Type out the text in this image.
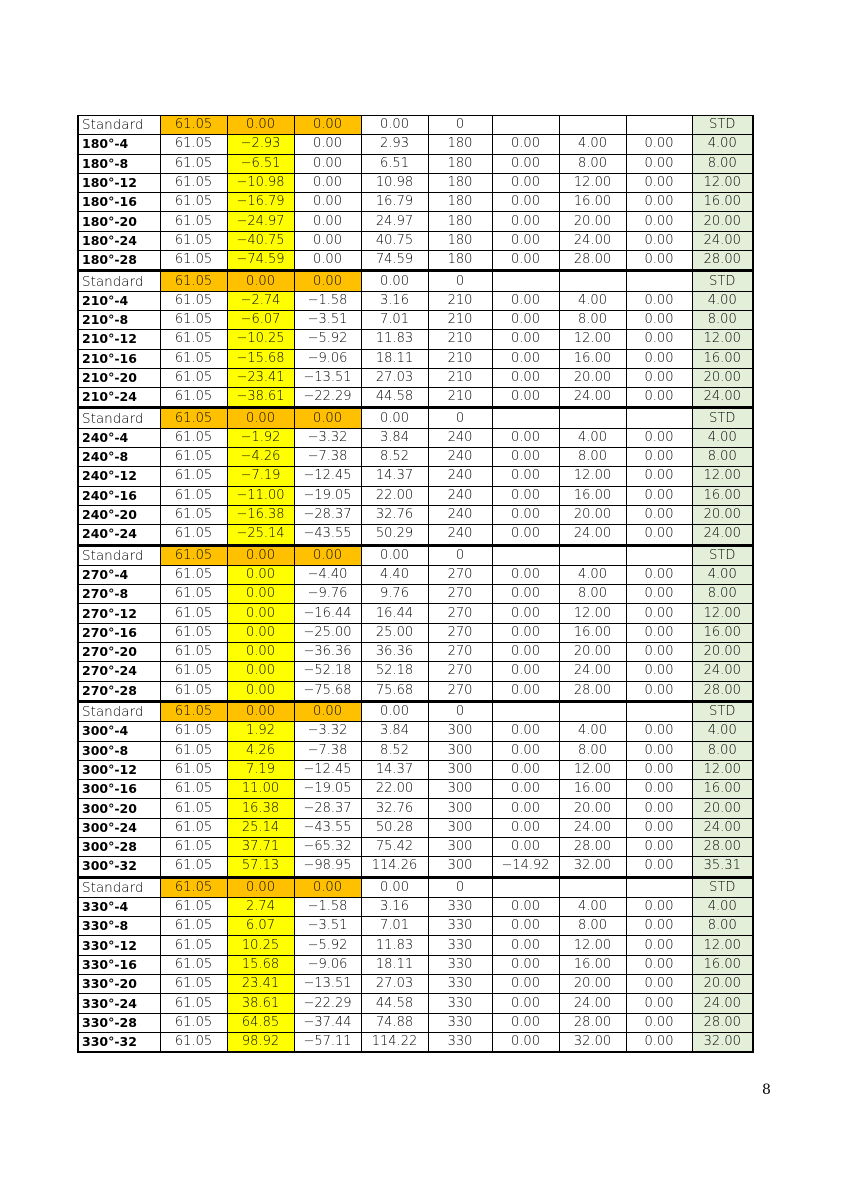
Standard	61.05	0.00	0.00	0.00	0				STD
180°-4	61.05	−2.93	0.00	2.93	180	0.00	4.00	0.00	4.00
180°-8	61.05	−6.51	0.00	6.51	180	0.00	8.00	0.00	8.00
180°-12	61.05	−10.98	0.00	10.98	180	0.00	12.00	0.00	12.00
180°-16	61.05	−16.79	0.00	16.79	180	0.00	16.00	0.00	16.00
180°-20	61.05	−24.97	0.00	24.97	180	0.00	20.00	0.00	20.00
180°-24	61.05	−40.75	0.00	40.75	180	0.00	24.00	0.00	24.00
180°-28	61.05	−74.59	0.00	74.59	180	0.00	28.00	0.00	28.00
Standard	61.05	0.00	0.00	0.00	0				STD
210°-4	61.05	−2.74	−1.58	3.16	210	0.00	4.00	0.00	4.00
210°-8	61.05	−6.07	−3.51	7.01	210	0.00	8.00	0.00	8.00
210°-12	61.05	−10.25	−5.92	11.83	210	0.00	12.00	0.00	12.00
210°-16	61.05	−15.68	−9.06	18.11	210	0.00	16.00	0.00	16.00
210°-20	61.05	−23.41	−13.51	27.03	210	0.00	20.00	0.00	20.00
210°-24	61.05	−38.61	−22.29	44.58	210	0.00	24.00	0.00	24.00
Standard	61.05	0.00	0.00	0.00	0				STD
240°-4	61.05	−1.92	−3.32	3.84	240	0.00	4.00	0.00	4.00
240°-8	61.05	−4.26	−7.38	8.52	240	0.00	8.00	0.00	8.00
240°-12	61.05	−7.19	−12.45	14.37	240	0.00	12.00	0.00	12.00
240°-16	61.05	−11.00	−19.05	22.00	240	0.00	16.00	0.00	16.00
240°-20	61.05	−16.38	−28.37	32.76	240	0.00	20.00	0.00	20.00
240°-24	61.05	−25.14	−43.55	50.29	240	0.00	24.00	0.00	24.00
Standard	61.05	0.00	0.00	0.00	0				STD
270°-4	61.05	0.00	−4.40	4.40	270	0.00	4.00	0.00	4.00
270°-8	61.05	0.00	−9.76	9.76	270	0.00	8.00	0.00	8.00
270°-12	61.05	0.00	−16.44	16.44	270	0.00	12.00	0.00	12.00
270°-16	61.05	0.00	−25.00	25.00	270	0.00	16.00	0.00	16.00
270°-20	61.05	0.00	−36.36	36.36	270	0.00	20.00	0.00	20.00
270°-24	61.05	0.00	−52.18	52.18	270	0.00	24.00	0.00	24.00
270°-28	61.05	0.00	−75.68	75.68	270	0.00	28.00	0.00	28.00
Standard	61.05	0.00	0.00	0.00	0				STD
300°-4	61.05	1.92	−3.32	3.84	300	0.00	4.00	0.00	4.00
300°-8	61.05	4.26	−7.38	8.52	300	0.00	8.00	0.00	8.00
300°-12	61.05	7.19	−12.45	14.37	300	0.00	12.00	0.00	12.00
300°-16	61.05	11.00	−19.05	22.00	300	0.00	16.00	0.00	16.00
300°-20	61.05	16.38	−28.37	32.76	300	0.00	20.00	0.00	20.00
300°-24	61.05	25.14	−43.55	50.28	300	0.00	24.00	0.00	24.00
300°-28	61.05	37.71	−65.32	75.42	300	0.00	28.00	0.00	28.00
300°-32	61.05	57.13	−98.95	114.26	300	−14.92	32.00	0.00	35.31
Standard	61.05	0.00	0.00	0.00	0				STD
330°-4	61.05	2.74	−1.58	3.16	330	0.00	4.00	0.00	4.00
330°-8	61.05	6.07	−3.51	7.01	330	0.00	8.00	0.00	8.00
330°-12	61.05	10.25	−5.92	11.83	330	0.00	12.00	0.00	12.00
330°-16	61.05	15.68	−9.06	18.11	330	0.00	16.00	0.00	16.00
330°-20	61.05	23.41	−13.51	27.03	330	0.00	20.00	0.00	20.00
330°-24	61.05	38.61	−22.29	44.58	330	0.00	24.00	0.00	24.00
330°-28	61.05	64.85	−37.44	74.88	330	0.00	28.00	0.00	28.00
330°-32	61.05	98.92	−57.11	114.22	330	0.00	32.00	0.00	32.00
8
